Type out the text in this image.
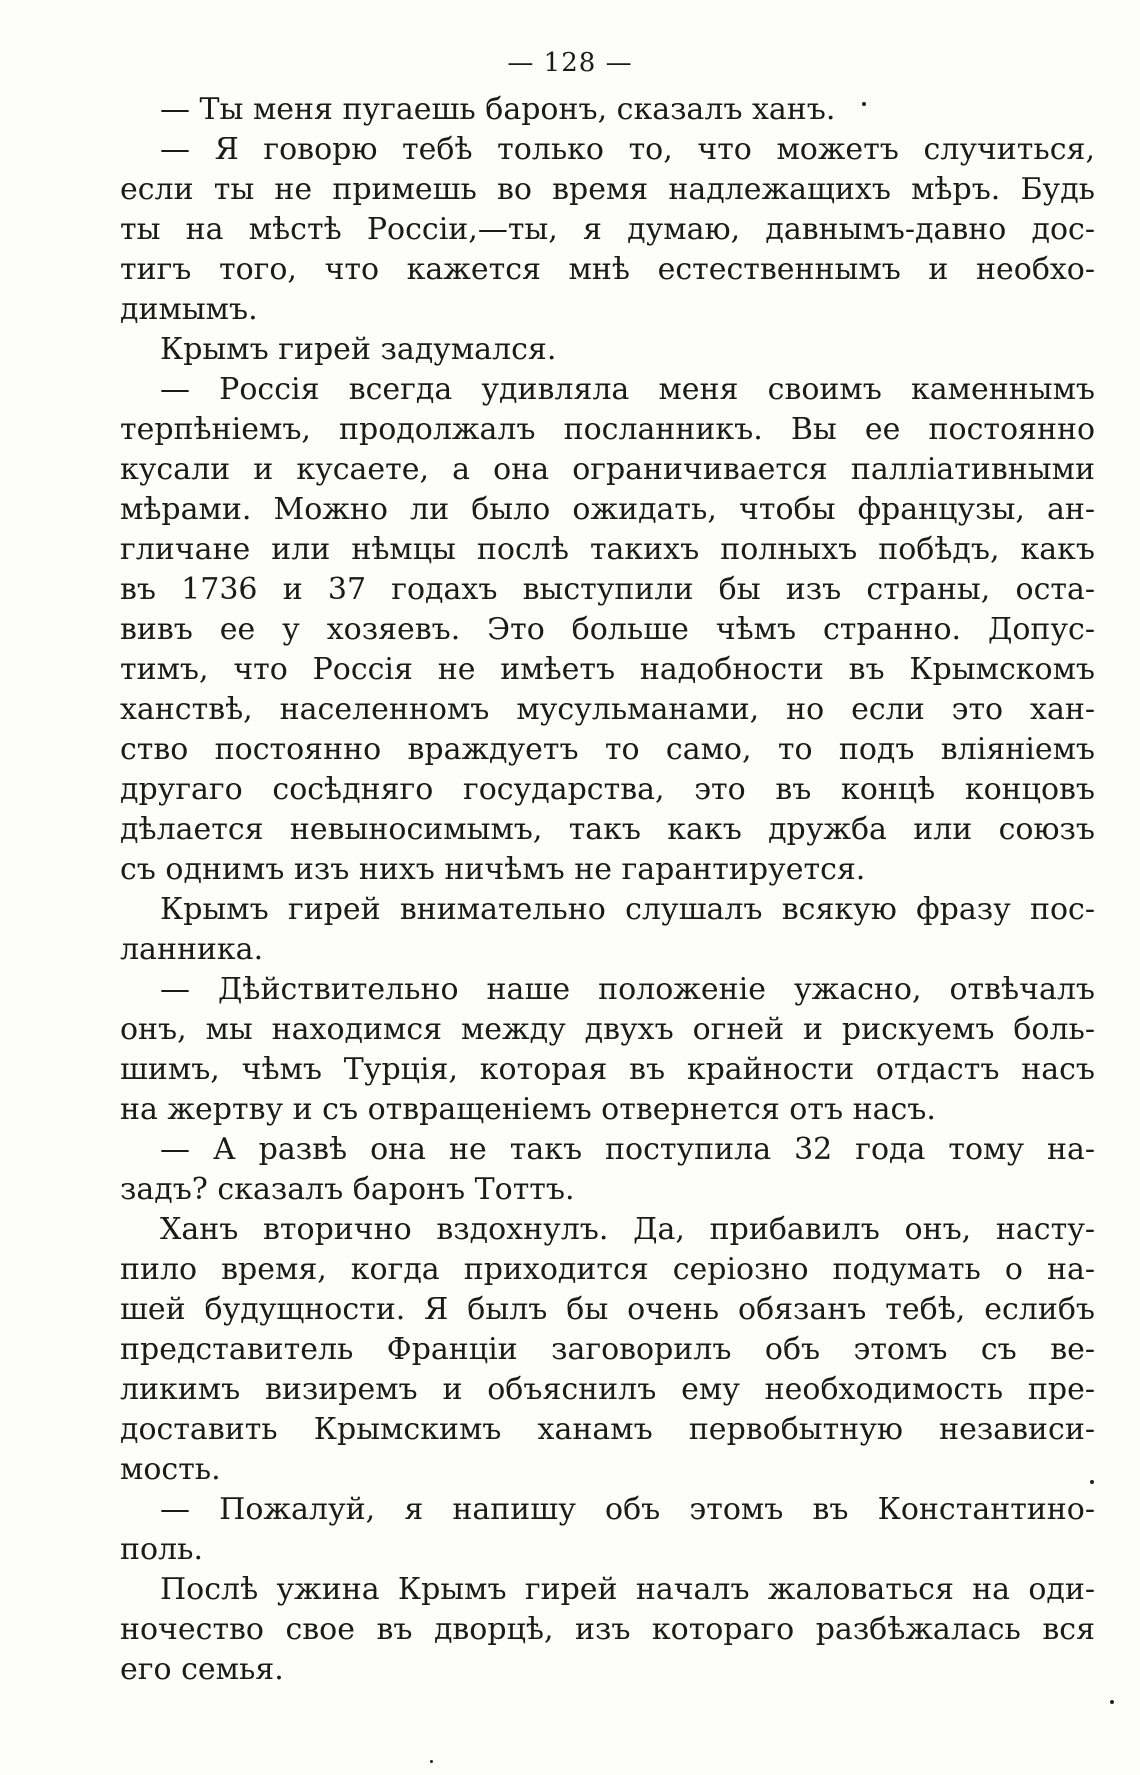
— 128 —
— Ты меня пугаешь баронъ, сказалъ ханъ.
— Я говорю тебѣ только то, что можетъ случиться,
если ты не примешь во время надлежащихъ мѣръ. Будь
ты на мѣстѣ Россіи,—ты, я думаю, давнымъ-давно дос-
тигъ того, что кажется мнѣ естественнымъ и необхо-
димымъ.
Крымъ гирей задумался.
— Россія всегда удивляла меня своимъ каменнымъ
терпѣніемъ, продолжалъ посланникъ. Вы ее постоянно
кусали и кусаете, а она ограничивается палліативными
мѣрами. Можно ли было ожидать, чтобы французы, ан-
гличане или нѣмцы послѣ такихъ полныхъ побѣдъ, какъ
въ 1736 и 37 годахъ выступили бы изъ страны, оста-
вивъ ее у хозяевъ. Это больше чѣмъ странно. Допус-
тимъ, что Россія не имѣетъ надобности въ Крымскомъ
ханствѣ, населенномъ мусульманами, но если это хан-
ство постоянно враждуетъ то само, то подъ вліяніемъ
другаго сосѣдняго государства, это въ концѣ концовъ
дѣлается невыносимымъ, такъ какъ дружба или союзъ
съ однимъ изъ нихъ ничѣмъ не гарантируется.
Крымъ гирей внимательно слушалъ всякую фразу пос-
ланника.
— Дѣйствительно наше положеніе ужасно, отвѣчалъ
онъ, мы находимся между двухъ огней и рискуемъ боль-
шимъ, чѣмъ Турція, которая въ крайности отдастъ насъ
на жертву и съ отвращеніемъ отвернется отъ насъ.
— А развѣ она не такъ поступила 32 года тому на-
задъ? сказалъ баронъ Тоттъ.
Ханъ вторично вздохнулъ. Да, прибавилъ онъ, насту-
пило время, когда приходится серіозно подумать о на-
шей будущности. Я былъ бы очень обязанъ тебѣ, еслибъ
представитель Франціи заговорилъ объ этомъ съ ве-
ликимъ визиремъ и объяснилъ ему необходимость пре-
доставить Крымскимъ ханамъ первобытную независи-
мость.
— Пожалуй, я напишу объ этомъ въ Константино-
поль.
Послѣ ужина Крымъ гирей началъ жаловаться на оди-
ночество свое въ дворцѣ, изъ котораго разбѣжалась вся
его семья.
